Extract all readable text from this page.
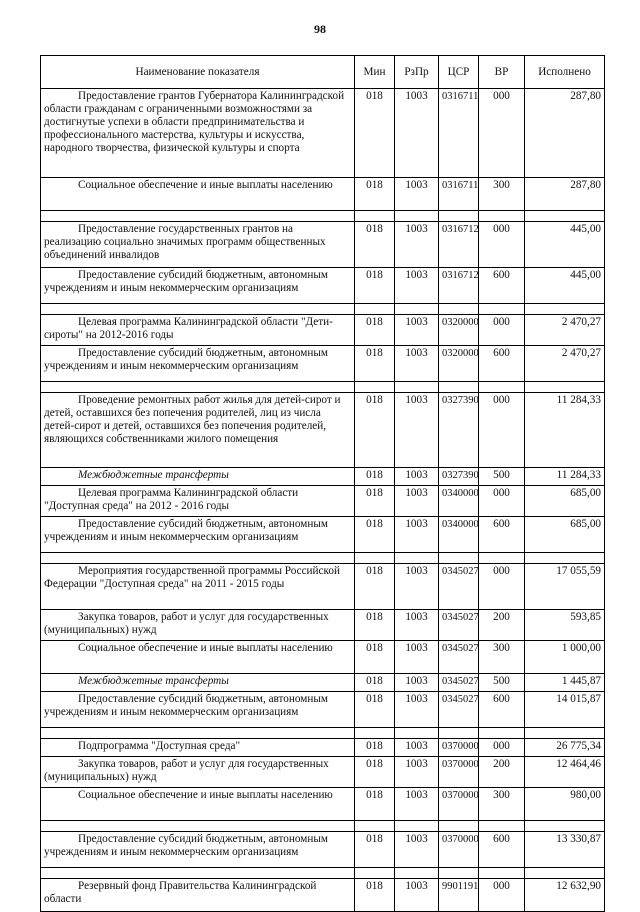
98
Наименование показателя	Мин	РзПр	ЦСР	ВР	Исполнено
Предоставление грантов Губернатора Калининградской области гражданам с ограниченными возможностями за достигнутые успехи в области предпринимательства и профессионального мастерства, культуры и искусства, народного творчества, физической культуры и спорта	018	1003	0316711	000	287,80
Социальное обеспечение и иные выплаты населению	018	1003	0316711	300	287,80

Предоставление государственных грантов на реализацию социально значимых программ общественных объединений инвалидов	018	1003	0316712	000	445,00
Предоставление субсидий бюджетным, автономным учреждениям и иным некоммерческим организациям	018	1003	0316712	600	445,00

Целевая программа Калининградской области "Дети-сироты" на 2012-2016 годы	018	1003	0320000	000	2 470,27
Предоставление субсидий бюджетным, автономным учреждениям и иным некоммерческим организациям	018	1003	0320000	600	2 470,27

Проведение ремонтных работ жилья для детей-сирот и детей, оставшихся без попечения родителей, лиц из числа детей-сирот и детей, оставшихся без попечения родителей, являющихся собственниками жилого помещения	018	1003	0327390	000	11 284,33
Межбюджетные трансферты	018	1003	0327390	500	11 284,33
Целевая программа Калининградской области "Доступная среда" на 2012 - 2016 годы	018	1003	0340000	000	685,00
Предоставление субсидий бюджетным, автономным учреждениям и иным некоммерческим организациям	018	1003	0340000	600	685,00

Мероприятия государственной программы Российской Федерации "Доступная среда" на 2011 - 2015 годы	018	1003	0345027	000	17 055,59
Закупка товаров, работ и услуг для государственных (муниципальных) нужд	018	1003	0345027	200	593,85
Социальное обеспечение и иные выплаты населению	018	1003	0345027	300	1 000,00
Межбюджетные трансферты	018	1003	0345027	500	1 445,87
Предоставление субсидий бюджетным, автономным учреждениям и иным некоммерческим организациям	018	1003	0345027	600	14 015,87

Подпрограмма "Доступная среда"	018	1003	0370000	000	26 775,34
Закупка товаров, работ и услуг для государственных (муниципальных) нужд	018	1003	0370000	200	12 464,46
Социальное обеспечение и иные выплаты населению	018	1003	0370000	300	980,00

Предоставление субсидий бюджетным, автономным учреждениям и иным некоммерческим организациям	018	1003	0370000	600	13 330,87

Резервный фонд Правительства Калининградской области	018	1003	9901191	000	12 632,90
